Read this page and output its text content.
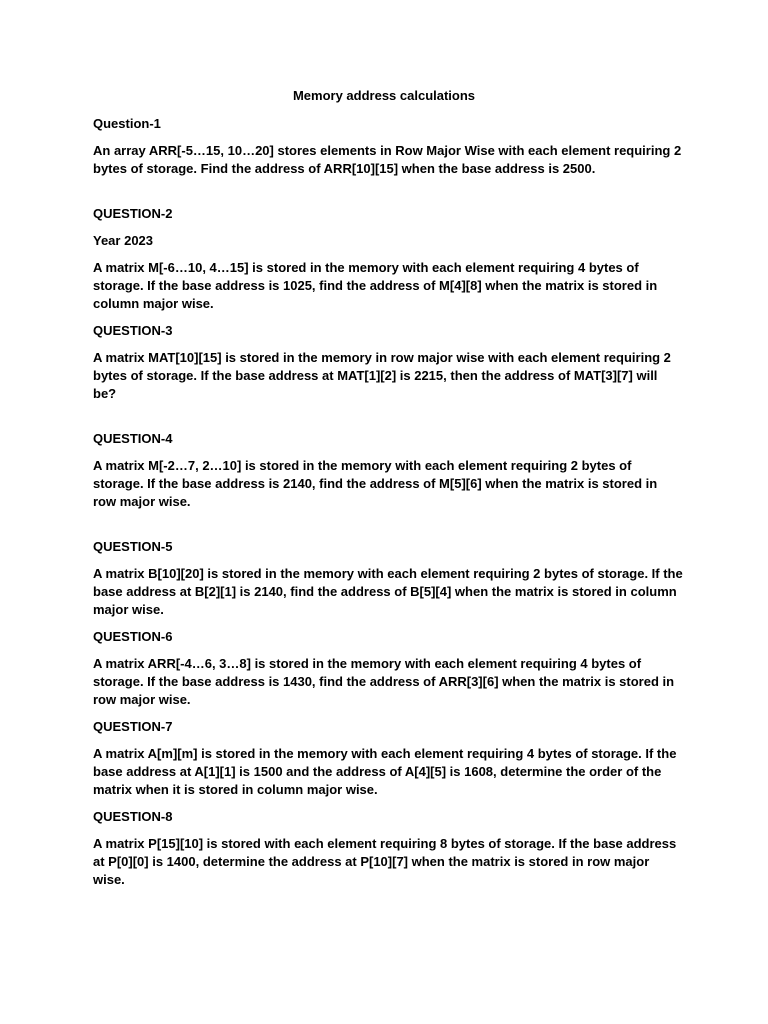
Memory address calculations
Question-1
An array ARR[-5…15, 10…20] stores elements in Row Major Wise with each element requiring 2 bytes of storage. Find the address of ARR[10][15] when the base address is 2500.
QUESTION-2
Year 2023
A matrix M[-6…10, 4…15] is stored in the memory with each element requiring 4 bytes of storage. If the base address is 1025, find the address of M[4][8] when the matrix is stored in column major wise.
QUESTION-3
A matrix MAT[10][15] is stored in the memory in row major wise with each element requiring 2 bytes of storage. If the base address at MAT[1][2] is 2215, then the address of MAT[3][7] will be?
QUESTION-4
A matrix M[-2…7, 2…10] is stored in the memory with each element requiring 2 bytes of storage. If the base address is 2140, find the address of M[5][6] when the matrix is stored in row major wise.
QUESTION-5
A matrix B[10][20] is stored in the memory with each element requiring 2 bytes of storage. If the base address at B[2][1] is 2140, find the address of B[5][4] when the matrix is stored in column major wise.
QUESTION-6
A matrix ARR[-4…6, 3…8] is stored in the memory with each element requiring 4 bytes of storage. If the base address is 1430, find the address of ARR[3][6] when the matrix is stored in row major wise.
QUESTION-7
A matrix A[m][m] is stored in the memory with each element requiring 4 bytes of storage. If the base address at A[1][1] is 1500 and the address of A[4][5] is 1608, determine the order of the matrix when it is stored in column major wise.
QUESTION-8
A matrix P[15][10] is stored with each element requiring 8 bytes of storage. If the base address at P[0][0] is 1400, determine the address at P[10][7] when the matrix is stored in row major wise.
